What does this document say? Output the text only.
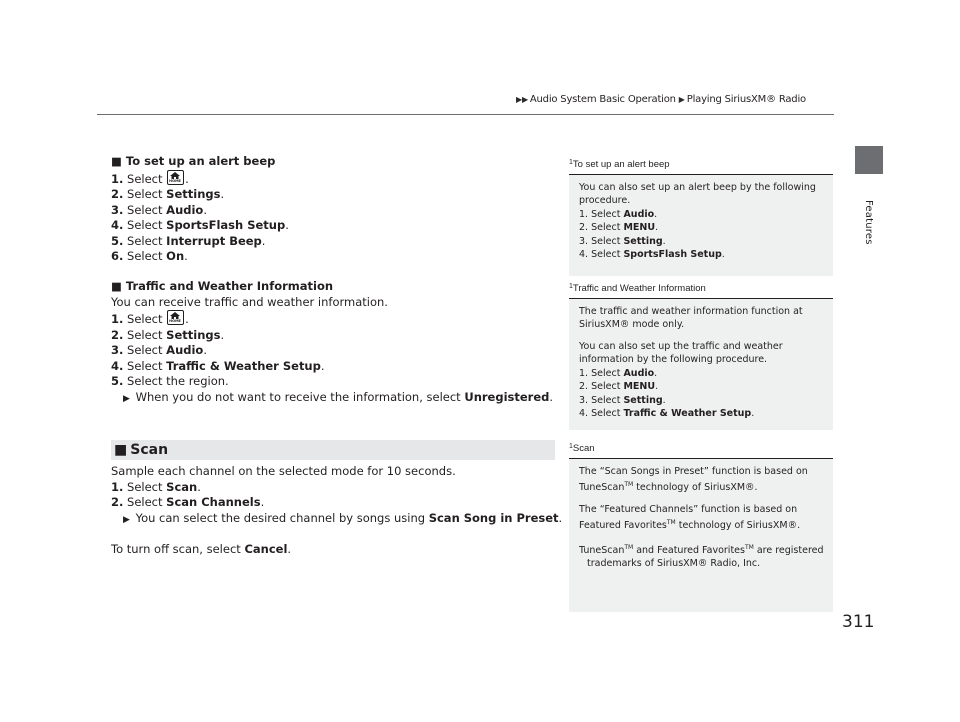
▶▶ Audio System Basic Operation ▶ Playing SiriusXM® Radio
Features
■ To set up an alert beep
1. Select HOME .
2. Select Settings.
3. Select Audio.
4. Select SportsFlash Setup.
5. Select Interrupt Beep.
6. Select On.
■ Traffic and Weather Information

You can receive traffic and weather information.

1. Select HOME .
2. Select Settings.
3. Select Audio.
4. Select Traffic & Weather Setup.
5. Select the region.
▶ When you do not want to receive the information, select Unregistered.
■ Scan

Sample each channel on the selected mode for 10 seconds.

1. Select Scan.
2. Select Scan Channels.
▶ You can select the desired channel by songs using Scan Song in Preset.
To turn off scan, select Cancel.
$^1$To set up an alert beep
You can also set up an alert beep by the following
procedure.
1. Select Audio.
2. Select MENU.
3. Select Setting.
4. Select SportsFlash Setup.
$^1$Traffic and Weather Information
The traffic and weather information function at
SiriusXM® mode only.
You can also set up the traffic and weather
information by the following procedure.
1. Select Audio.
2. Select MENU.
3. Select Setting.
4. Select Traffic & Weather Setup.
$^1$Scan
The “Scan Songs in Preset” function is based on
TuneScan™ technology of SiriusXM®.
The “Featured Channels” function is based on
Featured Favorites™ technology of SiriusXM®.
TuneScan™ and Featured Favorites™ are registered
trademarks of SiriusXM® Radio, Inc.
311
